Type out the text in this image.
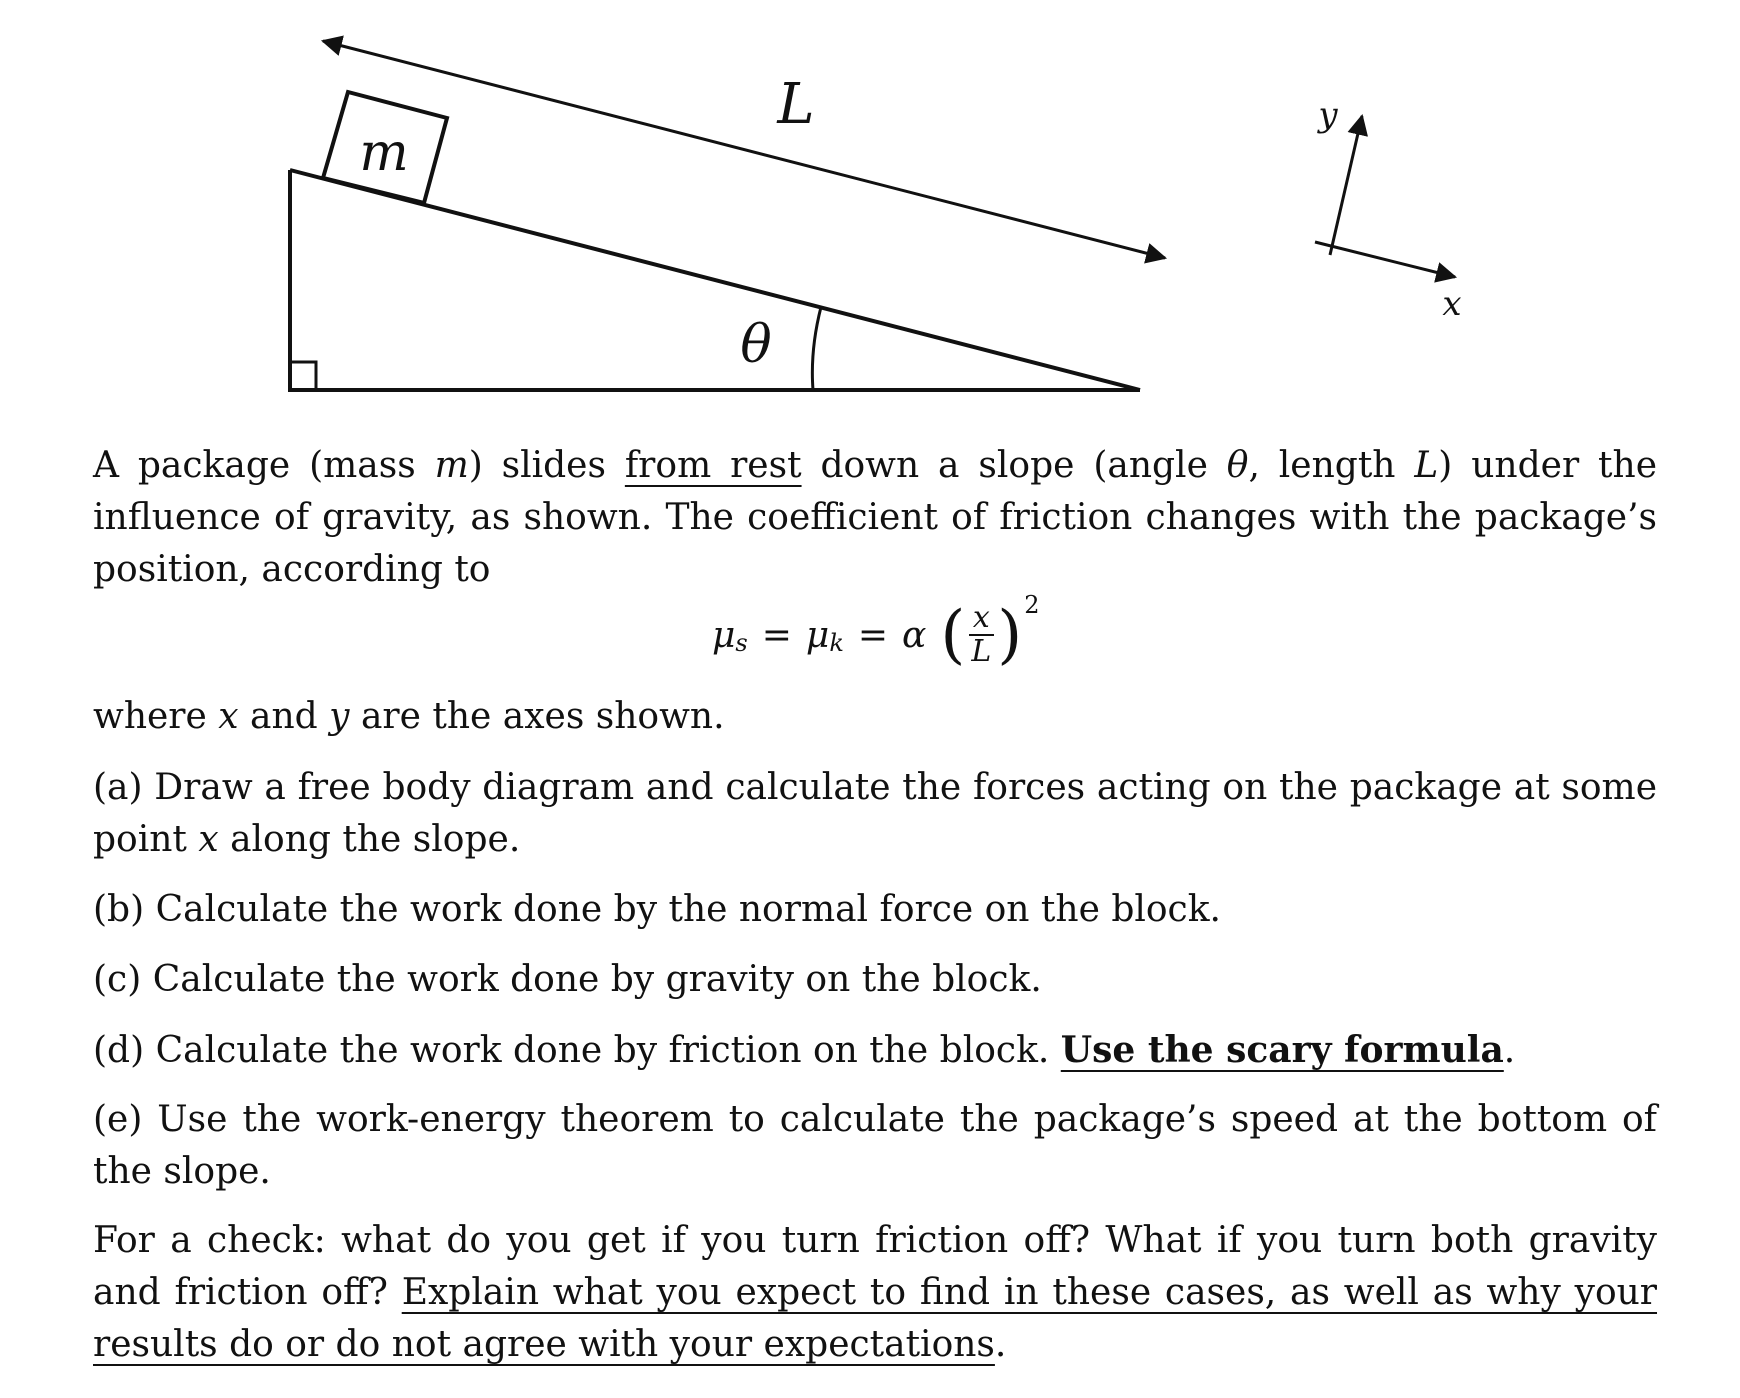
m
L
θ
y
x
A package (mass m) slides from rest down a slope (angle θ, length L) under the influence of gravity, as shown. The coefficient of friction changes with the package’s position, according to
μ s = μ k = α ( $\frac{x}{L}$ ) 2
where x and y are the axes shown.
(a) Draw a free body diagram and calculate the forces acting on the package at some point x along the slope.
(b) Calculate the work done by the normal force on the block.
(c) Calculate the work done by gravity on the block.
(d) Calculate the work done by friction on the block. Use the scary formula.
(e) Use the work-energy theorem to calculate the package’s speed at the bottom of the slope.
For a check: what do you get if you turn friction off? What if you turn both gravity and friction off? Explain what you expect to find in these cases, as well as why your results do or do not agree with your expectations.
